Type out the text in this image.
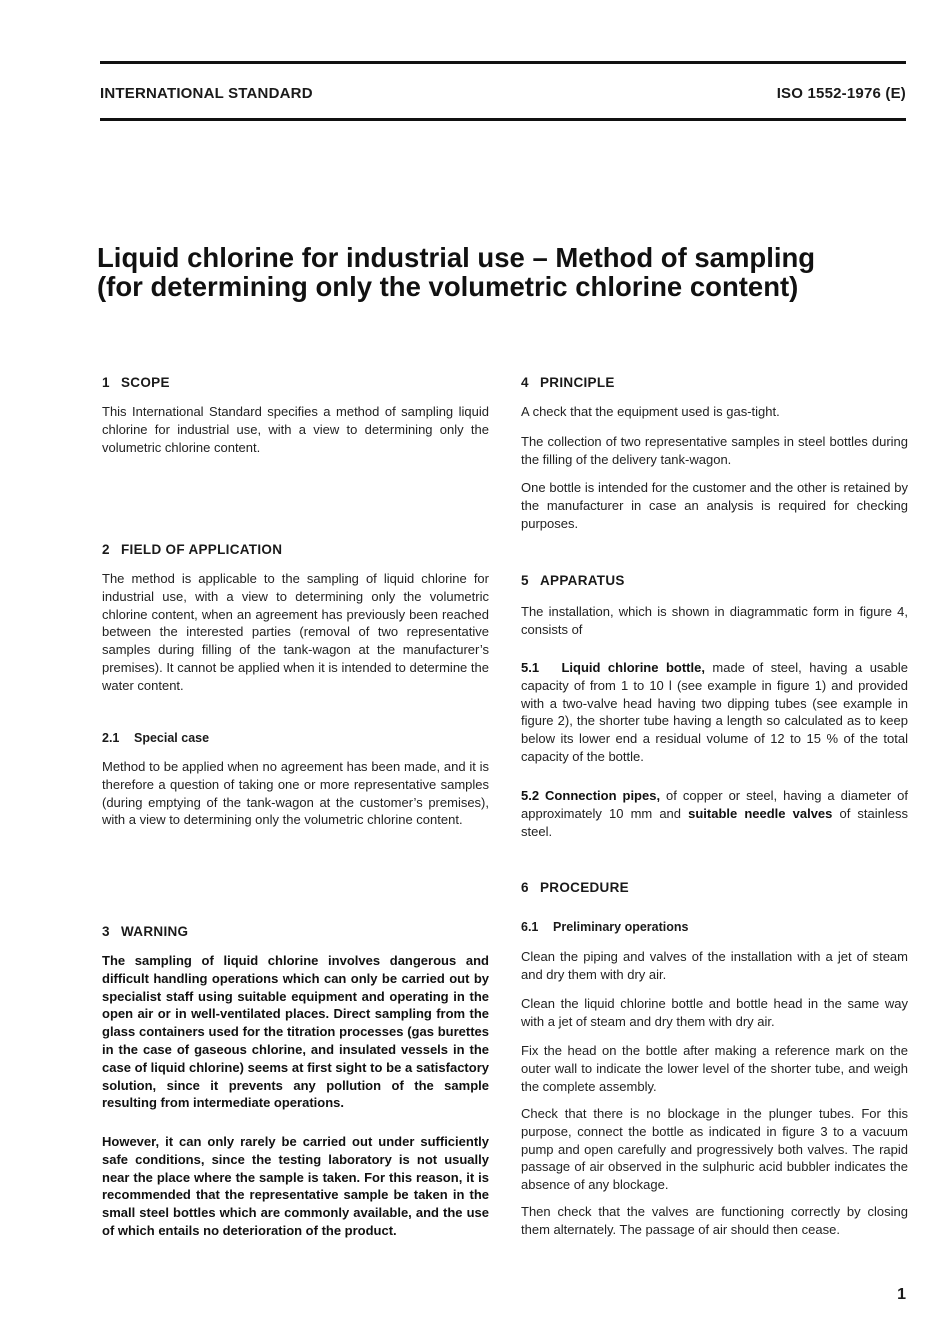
INTERNATIONAL STANDARD	ISO 1552-1976 (E)
Liquid chlorine for industrial use – Method of sampling
(for determining only the volumetric chlorine content)
1 SCOPE

This International Standard specifies a method of sampling liquid chlorine for industrial use, with a view to determining only the volumetric chlorine content.

2 FIELD OF APPLICATION

The method is applicable to the sampling of liquid chlorine for industrial use, with a view to determining only the volumetric chlorine content, when an agreement has previously been reached between the interested parties (removal of two representative samples during filling of the tank-wagon at the manufacturer’s premises). It cannot be applied when it is intended to determine the water content.

2.1 Special case

Method to be applied when no agreement has been made, and it is therefore a question of taking one or more representative samples (during emptying of the tank-wagon at the customer’s premises), with a view to determining only the volumetric chlorine content.

3 WARNING

The sampling of liquid chlorine involves dangerous and difficult handling operations which can only be carried out by specialist staff using suitable equipment and operating in the open air or in well-ventilated places. Direct sampling from the glass containers used for the titration processes (gas burettes in the case of gaseous chlorine, and insulated vessels in the case of liquid chlorine) seems at first sight to be a satisfactory solution, since it prevents any pollution of the sample resulting from intermediate operations.

However, it can only rarely be carried out under sufficiently safe conditions, since the testing laboratory is not usually near the place where the sample is taken. For this reason, it is recommended that the representative sample be taken in the small steel bottles which are commonly available, and the use of which entails no deterioration of the product.

4 PRINCIPLE

A check that the equipment used is gas-tight.

The collection of two representative samples in steel bottles during the filling of the delivery tank-wagon.

One bottle is intended for the customer and the other is retained by the manufacturer in case an analysis is required for checking purposes.

5 APPARATUS

The installation, which is shown in diagrammatic form in figure 4, consists of

5.1 Liquid chlorine bottle, made of steel, having a usable capacity of from 1 to 10 l (see example in figure 1) and provided with a two-valve head having two dipping tubes (see example in figure 2), the shorter tube having a length so calculated as to keep below its lower end a residual volume of 12 to 15 % of the total capacity of the bottle.

5.2 Connection pipes, of copper or steel, having a diameter of approximately 10 mm and suitable needle valves of stainless steel.

6 PROCEDURE
6.1 Preliminary operations

Clean the piping and valves of the installation with a jet of steam and dry them with dry air.

Clean the liquid chlorine bottle and bottle head in the same way with a jet of steam and dry them with dry air.

Fix the head on the bottle after making a reference mark on the outer wall to indicate the lower level of the shorter tube, and weigh the complete assembly.

Check that there is no blockage in the plunger tubes. For this purpose, connect the bottle as indicated in figure 3 to a vacuum pump and open carefully and progressively both valves. The rapid passage of air observed in the sulphuric acid bubbler indicates the absence of any blockage.

Then check that the valves are functioning correctly by closing them alternately. The passage of air should then cease.

1
